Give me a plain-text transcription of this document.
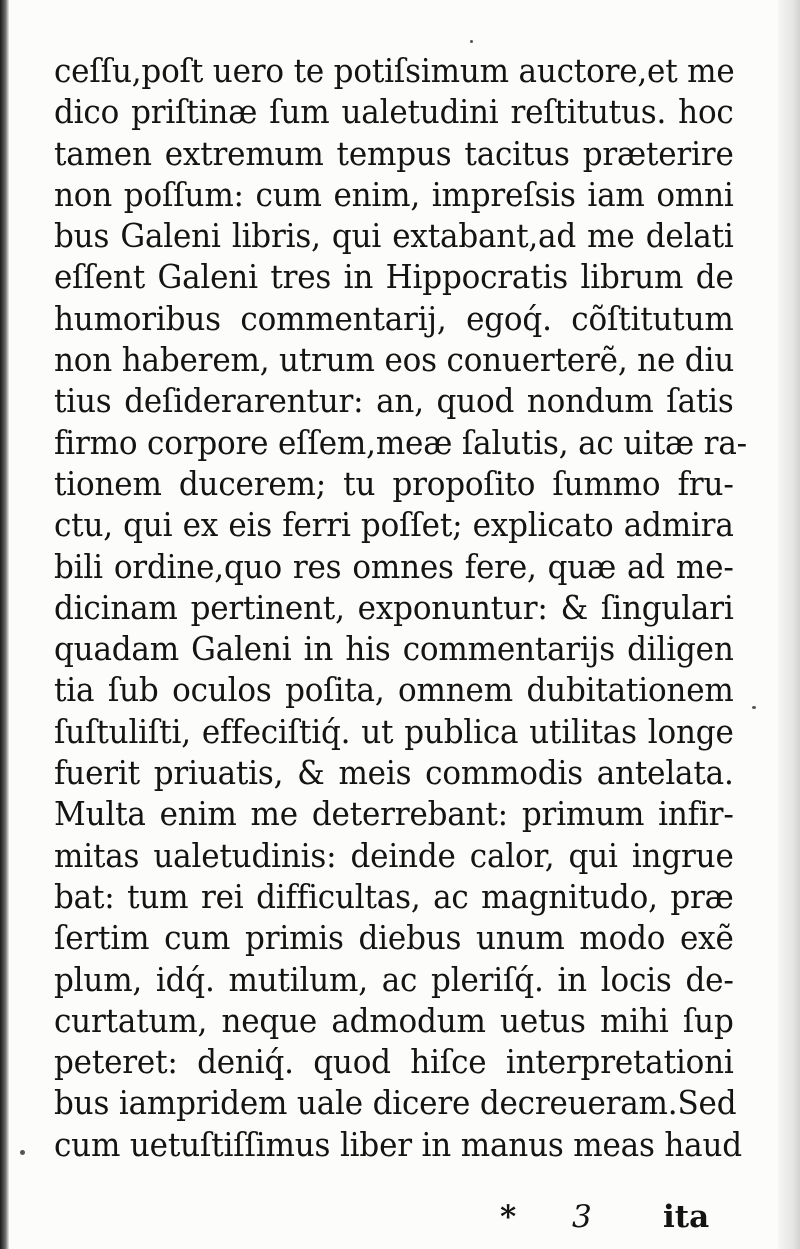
ceſſu,poſt uero te potiſsimum auctore,et me
dico priſtinæ ſum ualetudini reſtitutus. hoc
tamen extremum tempus tacitus præterire
non poſſum: cum enim, impreſsis iam omni
bus Galeni libris, qui extabant,ad me delati
eſſent Galeni tres in Hippocratis librum de
humoribus commentarij, egoq́. cõſtitutum
non haberem, utrum eos conuerterẽ, ne diu
tius deſiderarentur: an, quod nondum ſatis
firmo corpore eſſem,meæ ſalutis, ac uitæ ra-
tionem ducerem; tu propoſito ſummo fru-
ctu, qui ex eis ferri poſſet; explicato admira
bili ordine,quo res omnes fere, quæ ad me-
dicinam pertinent, exponuntur: & ſingulari
quadam Galeni in his commentarijs diligen
tia ſub oculos poſita, omnem dubitationem
ſuſtuliſti, effeciſtiq́. ut publica utilitas longe
fuerit priuatis, & meis commodis antelata.
Multa enim me deterrebant: primum infir-
mitas ualetudinis: deinde calor, qui ingrue
bat: tum rei difficultas, ac magnitudo, præ
ſertim cum primis diebus unum modo exẽ
plum, idq́. mutilum, ac pleriſq́. in locis de-
curtatum, neque admodum uetus mihi ſup
peteret: deniq́. quod hiſce interpretationi
bus iampridem uale dicere decreueram.Sed
cum uetuſtiſſimus liber in manus meas haud
* 3 ita
